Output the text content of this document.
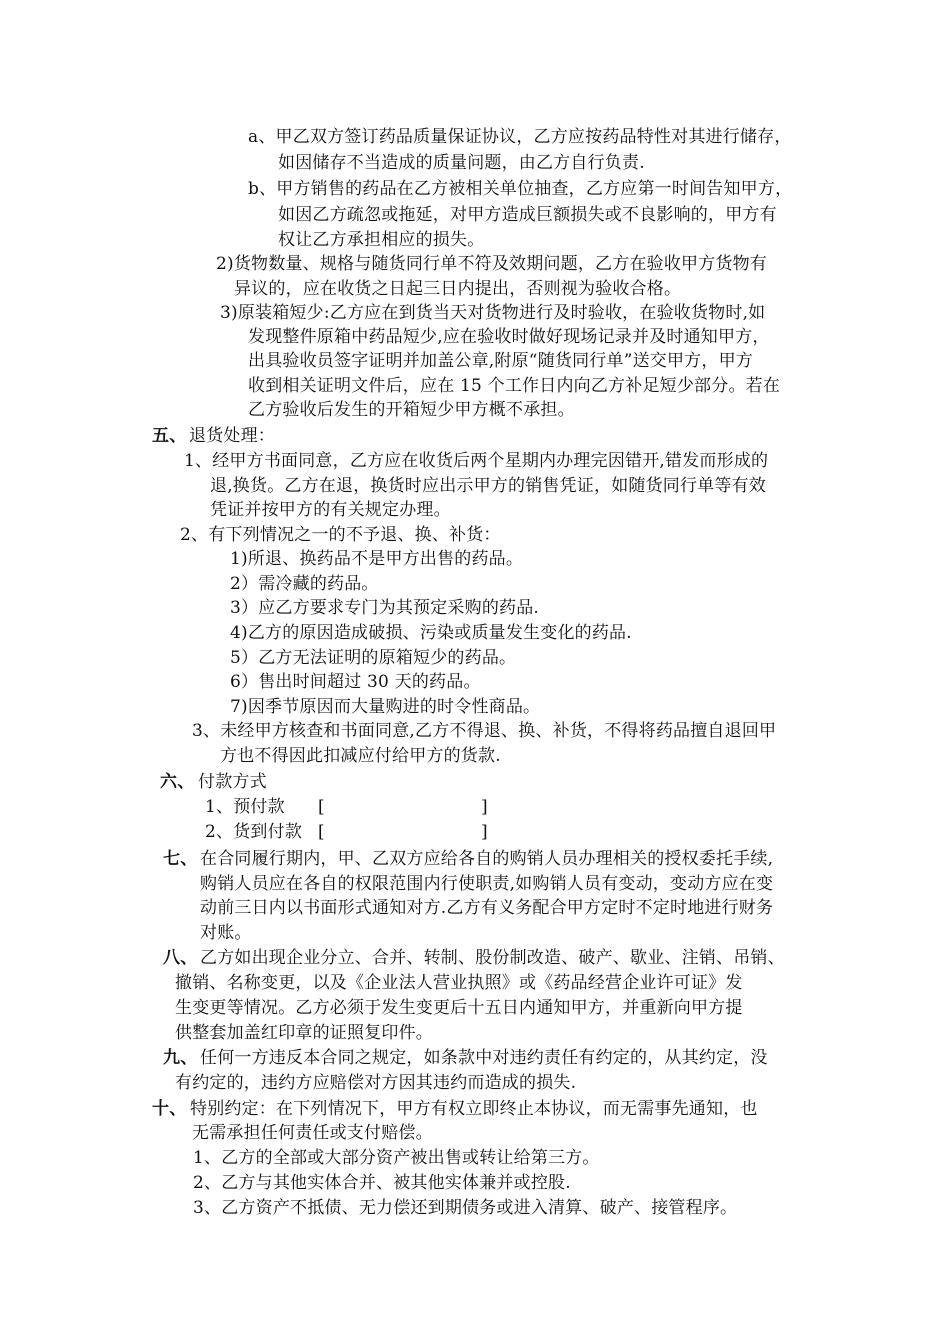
a、甲乙双方签订药品质量保证协议，乙方应按药品特性对其进行储存，
如因储存不当造成的质量问题，由乙方自行负责.
b、甲方销售的药品在乙方被相关单位抽查，乙方应第一时间告知甲方，
如因乙方疏忽或拖延，对甲方造成巨额损失或不良影响的，甲方有
权让乙方承担相应的损失。
2)货物数量、规格与随货同行单不符及效期问题，乙方在验收甲方货物有
异议的，应在收货之日起三日内提出，否则视为验收合格。
3)原装箱短少:乙方应在到货当天对货物进行及时验收，在验收货物时,如
发现整件原箱中药品短少,应在验收时做好现场记录并及时通知甲方，
出具验收员签字证明并加盖公章,附原“随货同行单”送交甲方，甲方
收到相关证明文件后，应在 15 个工作日内向乙方补足短少部分。若在
乙方验收后发生的开箱短少甲方概不承担。
五、 退货处理：
1、经甲方书面同意，乙方应在收货后两个星期内办理完因错开,错发而形成的
退,换货。乙方在退，换货时应出示甲方的销售凭证，如随货同行单等有效
凭证并按甲方的有关规定办理。
2、有下列情况之一的不予退、换、补货：
1)所退、换药品不是甲方出售的药品。
2）需冷藏的药品。
3）应乙方要求专门为其预定采购的药品.
4)乙方的原因造成破损、污染或质量发生变化的药品.
5）乙方无法证明的原箱短少的药品。
6）售出时间超过 30 天的药品。
7)因季节原因而大量购进的时令性商品。
3、未经甲方核查和书面同意,乙方不得退、换、补货，不得将药品擅自退回甲
方也不得因此扣减应付给甲方的货款.
六、 付款方式
1、预付款 [	]
2、货到付款 [	]
七、 在合同履行期内，甲、乙双方应给各自的购销人员办理相关的授权委托手续,
购销人员应在各自的权限范围内行使职责,如购销人员有变动，变动方应在变
动前三日内以书面形式通知对方.乙方有义务配合甲方定时不定时地进行财务
对账。
八、 乙方如出现企业分立、合并、转制、股份制改造、破产、歇业、注销、吊销、
撤销、名称变更，以及《企业法人营业执照》或《药品经营企业许可证》发
生变更等情况。乙方必须于发生变更后十五日内通知甲方，并重新向甲方提
供整套加盖红印章的证照复印件。
九、 任何一方违反本合同之规定，如条款中对违约责任有约定的，从其约定，没
有约定的，违约方应赔偿对方因其违约而造成的损失.
十、 特别约定：在下列情况下，甲方有权立即终止本协议，而无需事先通知，也
无需承担任何责任或支付赔偿。
1、乙方的全部或大部分资产被出售或转让给第三方。
2、乙方与其他实体合并、被其他实体兼并或控股.
3、乙方资产不抵债、无力偿还到期债务或进入清算、破产、接管程序。
